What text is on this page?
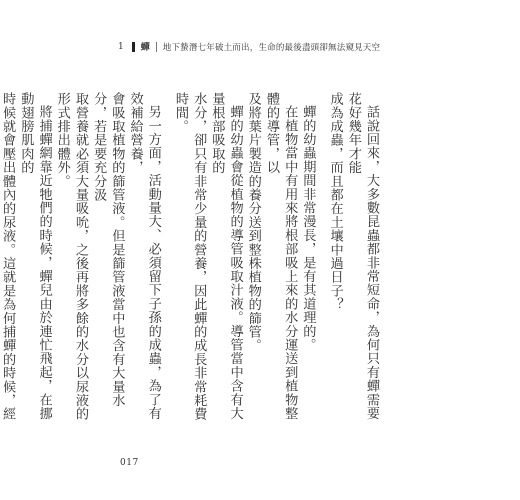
1 蟬 地下蟄潛七年破土而出，生命的最後盡頭卻無法窺見天空

話說回來，大多數昆蟲都非常短命，為何只有蟬需要花好幾年才能

成為成蟲，而且都在土壤中過日子？

蟬的幼蟲期間非常漫長，是有其道理的。

在植物當中有用來將根部吸上來的水分運送到植物整體的導管，以

及將葉片製造的養分送到整株植物的篩管。

蟬的幼蟲會從植物的導管吸取汁液。導管當中含有大量根部吸取的

水分，卻只有非常少量的營養，因此蟬的成長非常耗費時間。

另一方面，活動量大、必須留下子孫的成蟲，為了有效補給營養，

會吸取植物的篩管液。但是篩管液當中也含有大量水分，若是要充分汲

取營養就必須大量吸吮，之後再將多餘的水分以尿液的形式排出體外。

將捕蟬網靠近牠們的時候，蟬兒由於連忙飛起，在挪動翅膀肌肉的

時候就會壓出體內的尿液。這就是為何捕蟬的時候，經

017
